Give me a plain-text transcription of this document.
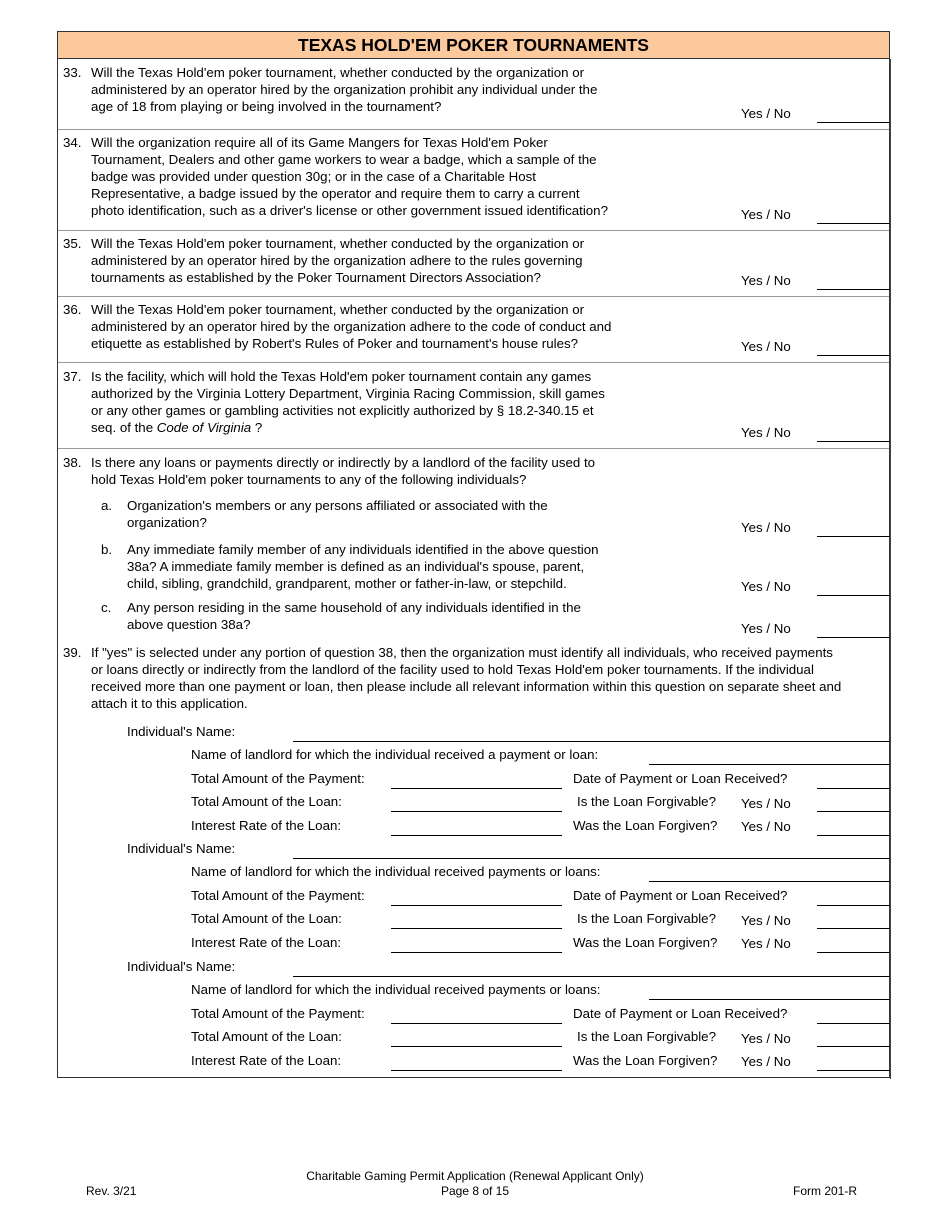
TEXAS HOLD'EM POKER TOURNAMENTS
33. Will the Texas Hold'em poker tournament, whether conducted by the organization or
administered by an operator hired by the organization prohibit any individual under the
age of 18 from playing or being involved in the tournament?	Yes / No
34. Will the organization require all of its Game Mangers for Texas Hold'em Poker
Tournament, Dealers and other game workers to wear a badge, which a sample of the
badge was provided under question 30g; or in the case of a Charitable Host
Representative, a badge issued by the operator and require them to carry a current
photo identification, such as a driver's license or other government issued identification?	Yes / No
35. Will the Texas Hold'em poker tournament, whether conducted by the organization or
administered by an operator hired by the organization adhere to the rules governing
tournaments as established by the Poker Tournament Directors Association?	Yes / No
36. Will the Texas Hold'em poker tournament, whether conducted by the organization or
administered by an operator hired by the organization adhere to the code of conduct and
etiquette as established by Robert's Rules of Poker and tournament's house rules?	Yes / No
37. Is the facility, which will hold the Texas Hold'em poker tournament contain any games
authorized by the Virginia Lottery Department, Virginia Racing Commission, skill games
or any other games or gambling activities not explicitly authorized by § 18.2-340.15 et
seq. of the Code of Virginia ?	Yes / No
38. Is there any loans or payments directly or indirectly by a landlord of the facility used to
hold Texas Hold'em poker tournaments to any of the following individuals?
a. Organization's members or any persons affiliated or associated with the
organization?	Yes / No
b. Any immediate family member of any individuals identified in the above question
38a? A immediate family member is defined as an individual's spouse, parent,
child, sibling, grandchild, grandparent, mother or father-in-law, or stepchild.	Yes / No
c. Any person residing in the same household of any individuals identified in the
above question 38a?	Yes / No
39. If "yes" is selected under any portion of question 38, then the organization must identify all individuals, who received payments
or loans directly or indirectly from the landlord of the facility used to hold Texas Hold'em poker tournaments. If the individual
received more than one payment or loan, then please include all relevant information within this question on separate sheet and
attach it to this application.
Individual's Name:
Name of landlord for which the individual received a payment or loan:
Total Amount of the Payment:	Date of Payment or Loan Received?
Total Amount of the Loan:	Is the Loan Forgivable? Yes / No
Interest Rate of the Loan:	Was the Loan Forgiven? Yes / No
Individual's Name:
Name of landlord for which the individual received payments or loans:
Total Amount of the Payment:	Date of Payment or Loan Received?
Total Amount of the Loan:	Is the Loan Forgivable? Yes / No
Interest Rate of the Loan:	Was the Loan Forgiven? Yes / No
Individual's Name:
Name of landlord for which the individual received payments or loans:
Total Amount of the Payment:	Date of Payment or Loan Received?
Total Amount of the Loan:	Is the Loan Forgivable? Yes / No
Interest Rate of the Loan:	Was the Loan Forgiven? Yes / No
Rev. 3/21
Charitable Gaming Permit Application (Renewal Applicant Only)
Page 8 of 15	Form 201-R
